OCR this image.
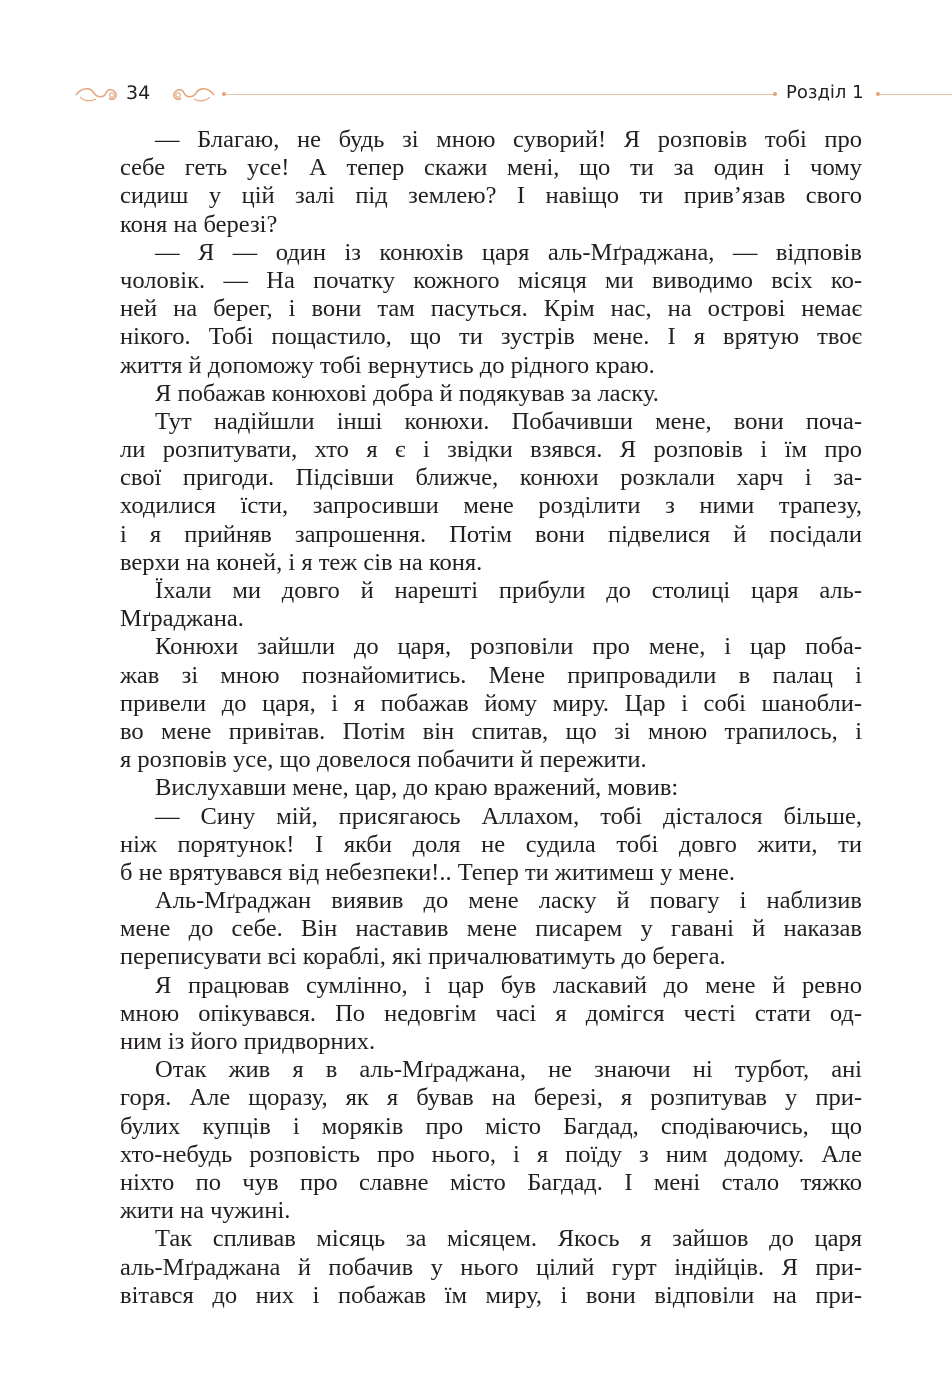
34	Розділ 1
— Благаю, не будь зі мною суворий! Я розповів тобі про
себе геть усе! А тепер скажи мені, що ти за один і чому
сидиш у цій залі під землею? І навіщо ти прив’язав свого
коня на березі?
— Я — один із конюхів царя аль-Мґраджана, — відповів
чоловік. — На початку кожного місяця ми виводимо всіх ко-
ней на берег, і вони там пасуться. Крім нас, на острові немає
нікого. Тобі пощастило, що ти зустрів мене. І я врятую твоє
життя й допоможу тобі вернутись до рідного краю.
Я побажав конюхові добра й подякував за ласку.
Тут надійшли інші конюхи. Побачивши мене, вони поча-
ли розпитувати, хто я є і звідки взявся. Я розповів і їм про
свої пригоди. Підсівши ближче, конюхи розклали харч і за-
ходилися їсти, запросивши мене розділити з ними трапезу,
і я прийняв запрошення. Потім вони підвелися й посідали
верхи на коней, і я теж сів на коня.
Їхали ми довго й нарешті прибули до столиці царя аль-
Мґраджана.
Конюхи зайшли до царя, розповіли про мене, і цар поба-
жав зі мною познайомитись. Мене припровадили в палац і
привели до царя, і я побажав йому миру. Цар і собі шанобли-
во мене привітав. Потім він спитав, що зі мною трапилось, і
я розповів усе, що довелося побачити й пережити.
Вислухавши мене, цар, до краю вражений, мовив:
— Сину мій, присягаюсь Аллахом, тобі дісталося більше,
ніж порятунок! І якби доля не судила тобі довго жити, ти
б не врятувався від небезпеки!.. Тепер ти житимеш у мене.
Аль-Мґраджан виявив до мене ласку й повагу і наблизив
мене до себе. Він наставив мене писарем у гавані й наказав
переписувати всі кораблі, які причалюватимуть до берега.
Я працював сумлінно, і цар був ласкавий до мене й ревно
мною опікувався. По недовгім часі я домігся честі стати од-
ним із його придворних.
Отак жив я в аль-Мґраджана, не знаючи ні турбот, ані
горя. Але щоразу, як я бував на березі, я розпитував у при-
булих купців і моряків про місто Багдад, сподіваючись, що
хто-небудь розповість про нього, і я поїду з ним додому. Але
ніхто по чув про славне місто Багдад. І мені стало тяжко
жити на чужині.
Так спливав місяць за місяцем. Якось я зайшов до царя
аль-Мґраджана й побачив у нього цілий гурт індійців. Я при-
вітався до них і побажав їм миру, і вони відповіли на при-
